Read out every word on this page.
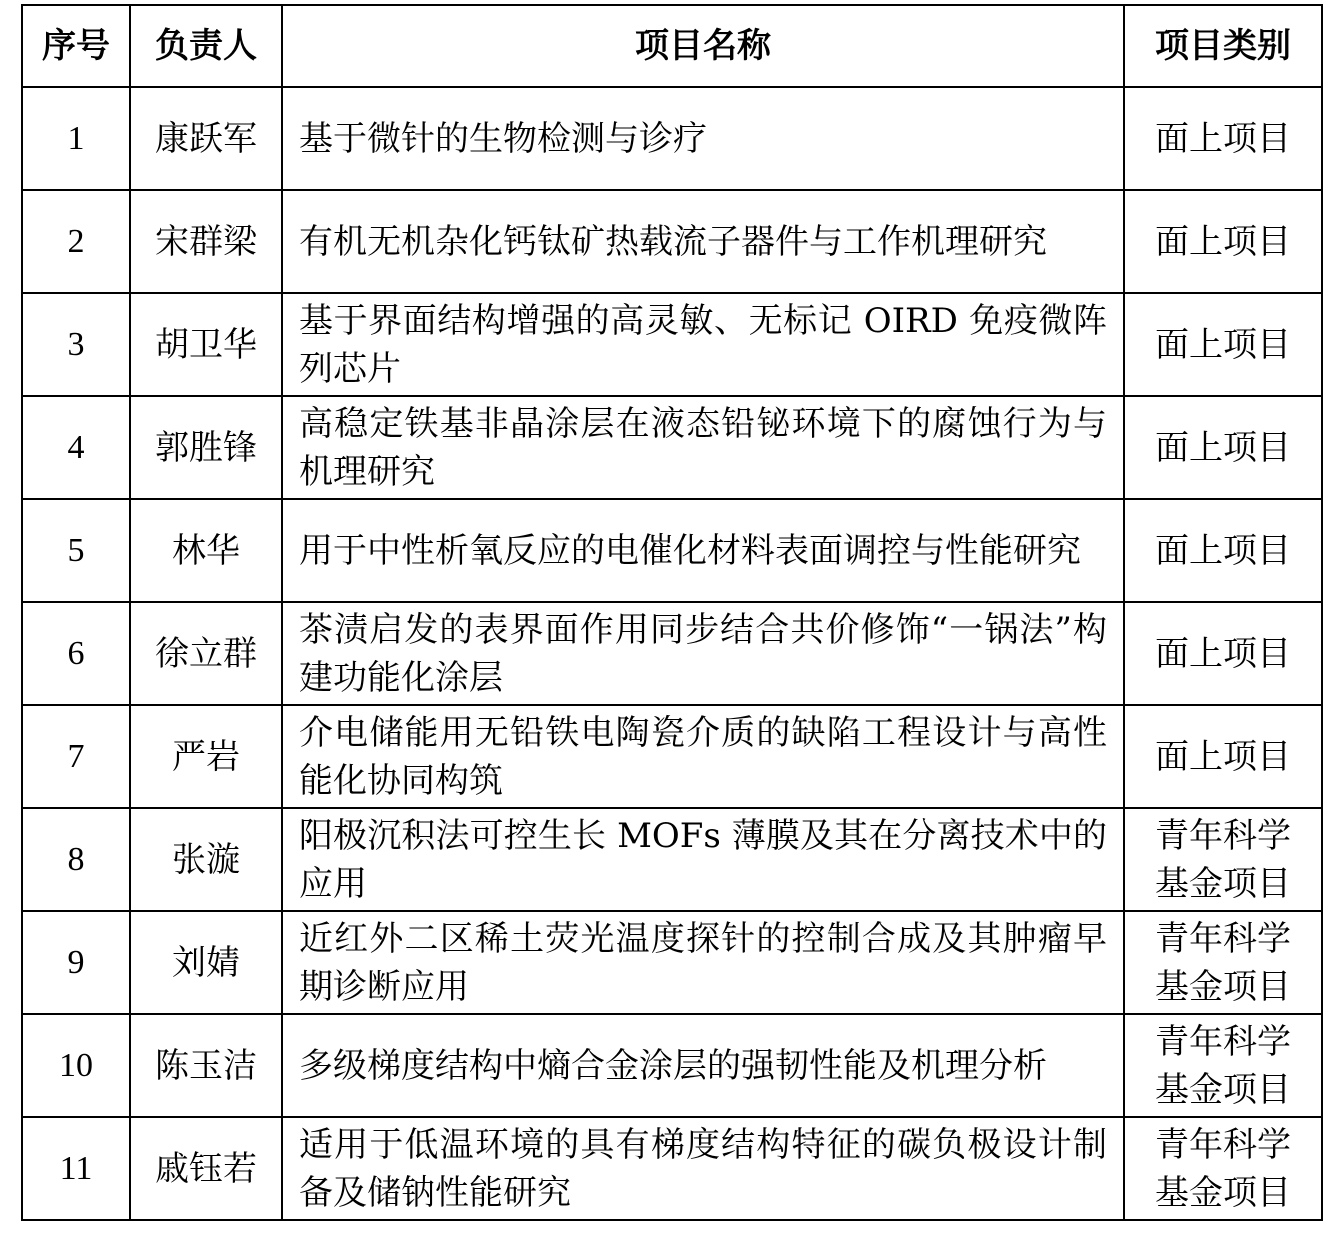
序号	负责人	项目名称	项目类别
1	康跃军	基于微针的生物检测与诊疗	面上项目
2	宋群梁	有机无机杂化钙钛矿热载流子器件与工作机理研究	面上项目
3	胡卫华	基于界面结构增强的高灵敏、无标记 OIRD 免疫微阵列芯片	面上项目
4	郭胜锋	高稳定铁基非晶涂层在液态铅铋环境下的腐蚀行为与机理研究	面上项目
5	林华	用于中性析氧反应的电催化材料表面调控与性能研究	面上项目
6	徐立群	茶渍启发的表界面作用同步结合共价修饰“一锅法”构建功能化涂层	面上项目
7	严岩	介电储能用无铅铁电陶瓷介质的缺陷工程设计与高性能化协同构筑	面上项目
8	张漩	阳极沉积法可控生长 MOFs 薄膜及其在分离技术中的应用	青年科学基金项目
9	刘婧	近红外二区稀土荧光温度探针的控制合成及其肿瘤早期诊断应用	青年科学基金项目
10	陈玉洁	多级梯度结构中熵合金涂层的强韧性能及机理分析	青年科学基金项目
11	戚钰若	适用于低温环境的具有梯度结构特征的碳负极设计制备及储钠性能研究	青年科学基金项目
